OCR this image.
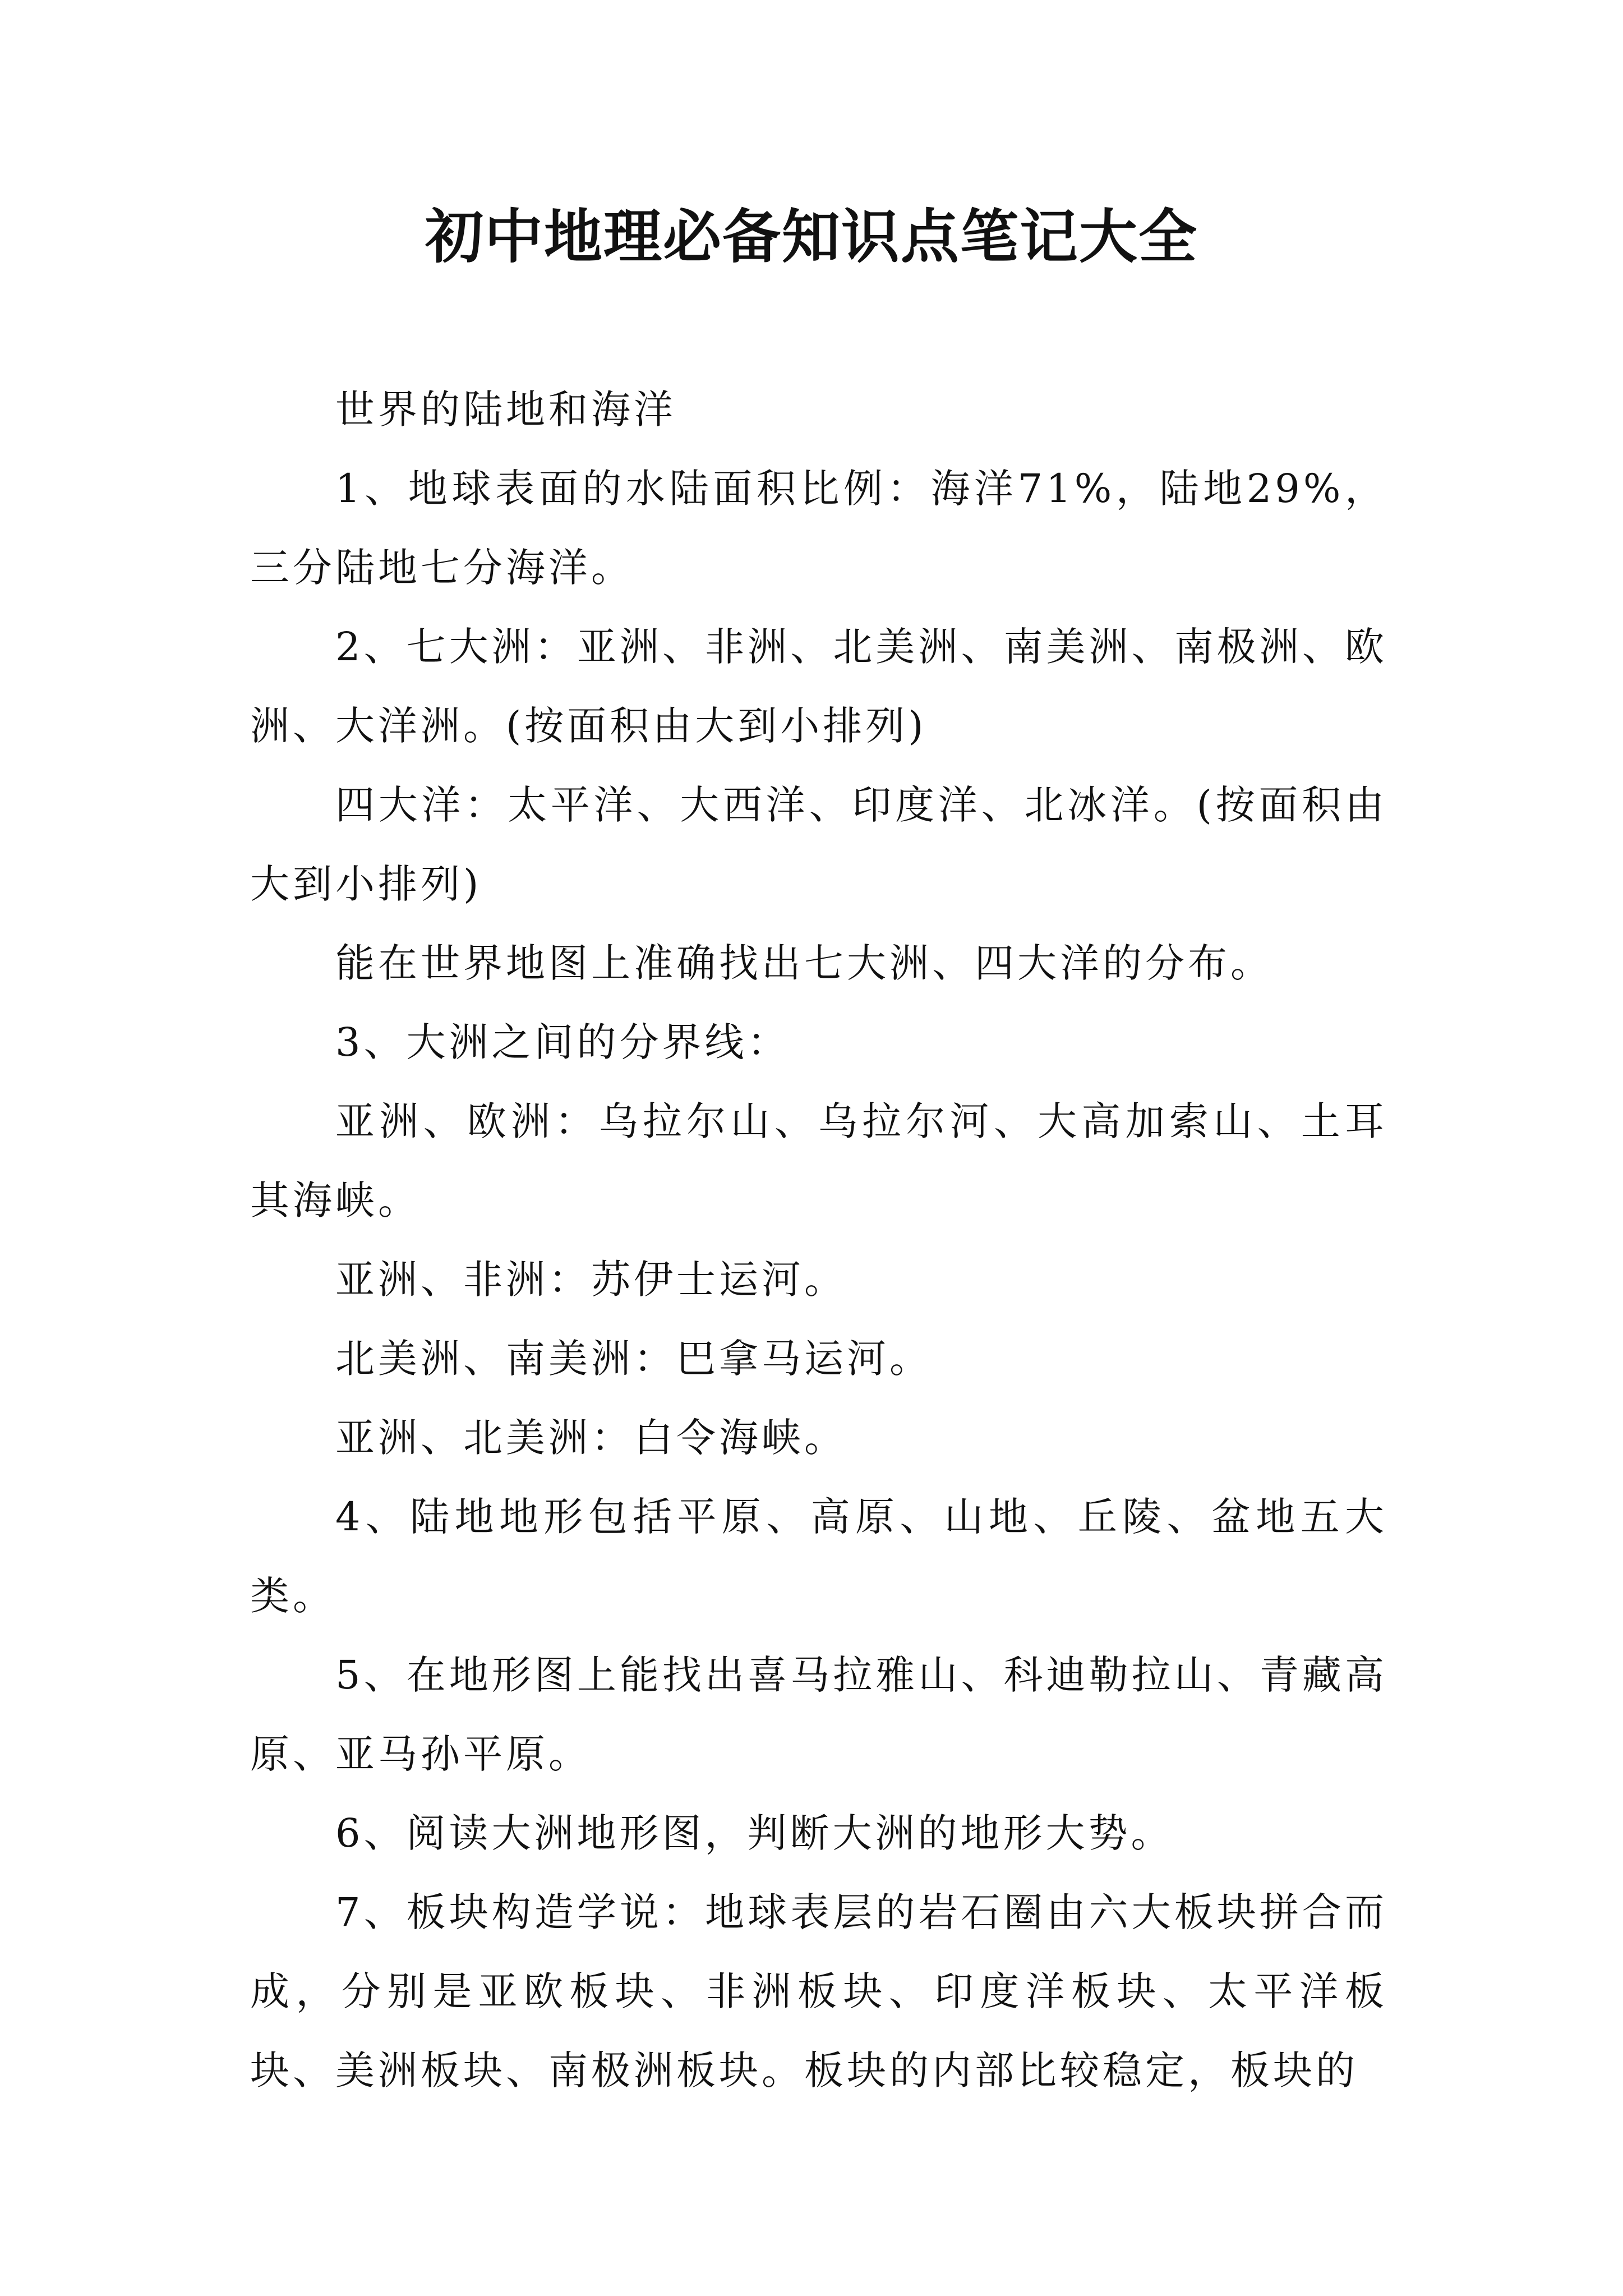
初中地理必备知识点笔记大全

世界的陆地和海洋

1、地球表面的水陆面积比例：海洋71%，陆地29%，三分陆地七分海洋。

2、七大洲：亚洲、非洲、北美洲、南美洲、南极洲、欧洲、大洋洲。(按面积由大到小排列)

四大洋：太平洋、大西洋、印度洋、北冰洋。(按面积由大到小排列)

能在世界地图上准确找出七大洲、四大洋的分布。

3、大洲之间的分界线：

亚洲、欧洲：乌拉尔山、乌拉尔河、大高加索山、土耳其海峡。

亚洲、非洲：苏伊士运河。

北美洲、南美洲：巴拿马运河。

亚洲、北美洲：白令海峡。

4、陆地地形包括平原、高原、山地、丘陵、盆地五大类。

5、在地形图上能找出喜马拉雅山、科迪勒拉山、青藏高原、亚马孙平原。

6、阅读大洲地形图，判断大洲的地形大势。

7、板块构造学说：地球表层的岩石圈由六大板块拼合而成，分别是亚欧板块、非洲板块、印度洋板块、太平洋板块、美洲板块、南极洲板块。板块的内部比较稳定，板块的
